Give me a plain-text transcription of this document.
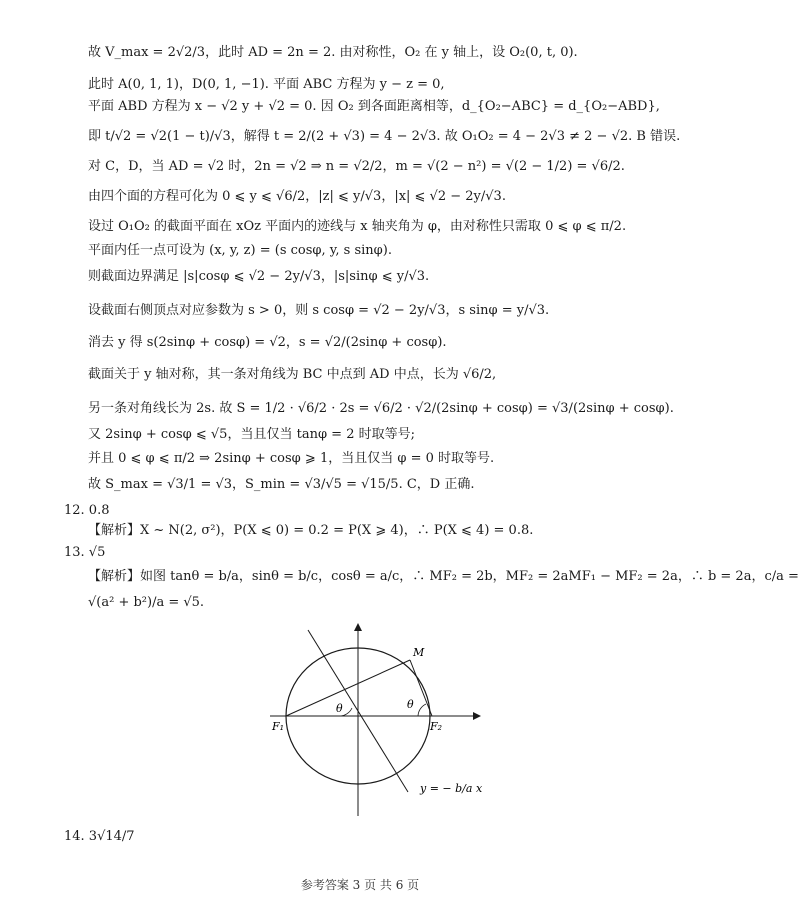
故 V_max = 2√2/3，此时 AD = 2n = 2. 由对称性，O₂ 在 y 轴上，设 O₂(0, t, 0).
此时 A(0, 1, 1)，D(0, 1, −1). 平面 ABC 方程为 y − z = 0,
平面 ABD 方程为 x − √2 y + √2 = 0. 因 O₂ 到各面距离相等，d_{O₂−ABC} = d_{O₂−ABD},
即 t/√2 = √2(1 − t)/√3，解得 t = 2/(2 + √3) = 4 − 2√3. 故 O₁O₂ = 4 − 2√3 ≠ 2 − √2. B 错误.
对 C，D，当 AD = √2 时，2n = √2 ⇒ n = √2/2，m = √(2 − n²) = √(2 − 1/2) = √6/2.
由四个面的方程可化为 0 ⩽ y ⩽ √6/2，|z| ⩽ y/√3，|x| ⩽ √2 − 2y/√3.
设过 O₁O₂ 的截面平面在 xOz 平面内的迹线与 x 轴夹角为 φ，由对称性只需取 0 ⩽ φ ⩽ π/2.
平面内任一点可设为 (x, y, z) = (s cosφ, y, s sinφ).
则截面边界满足 |s|cosφ ⩽ √2 − 2y/√3，|s|sinφ ⩽ y/√3.
设截面右侧顶点对应参数为 s > 0，则 s cosφ = √2 − 2y/√3，s sinφ = y/√3.
消去 y 得 s(2sinφ + cosφ) = √2，s = √2/(2sinφ + cosφ).
截面关于 y 轴对称，其一条对角线为 BC 中点到 AD 中点，长为 √6/2,
另一条对角线长为 2s. 故 S = 1/2 · √6/2 · 2s = √6/2 · √2/(2sinφ + cosφ) = √3/(2sinφ + cosφ).
又 2sinφ + cosφ ⩽ √5，当且仅当 tanφ = 2 时取等号;
并且 0 ⩽ φ ⩽ π/2 ⇒ 2sinφ + cosφ ⩾ 1，当且仅当 φ = 0 时取等号.
故 S_max = √3/1 = √3，S_min = √3/√5 = √15/5. C，D 正确.
12. 0.8
【解析】X ~ N(2, σ²)，P(X ⩽ 0) = 0.2 = P(X ⩾ 4)，∴ P(X ⩽ 4) = 0.8.
13. √5
【解析】如图 tanθ = b/a，sinθ = b/c，cosθ = a/c，∴ MF₂ = 2b，MF₂ = 2aMF₁ − MF₂ = 2a，∴ b = 2a，c/a =
√(a² + b²)/a = √5.
M
θ	θ
F₁	F₂
y = − b/a x
14. 3√14/7
参考答案 3 页 共 6 页
